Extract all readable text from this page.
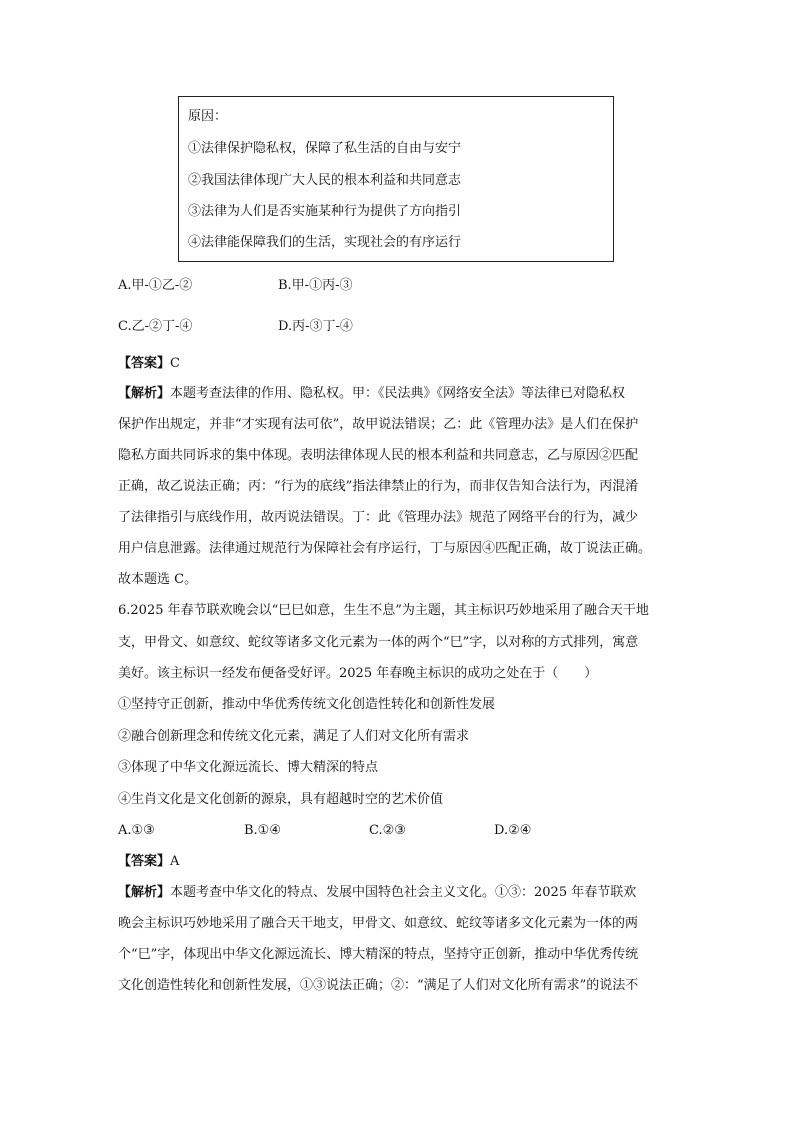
原因：
①法律保护隐私权，保障了私生活的自由与安宁
②我国法律体现广大人民的根本利益和共同意志
③法律为人们是否实施某种行为提供了方向指引
④法律能保障我们的生活，实现社会的有序运行
A.甲-①乙-②	B.甲-①丙-③
C.乙-②丁-④	D.丙-③丁-④
【答案】C
【解析】本题考查法律的作用、隐私权。甲：《民法典》《网络安全法》等法律已对隐私权
保护作出规定，并非“才实现有法可依”，故甲说法错误；乙：此《管理办法》是人们在保护
隐私方面共同诉求的集中体现。表明法律体现人民的根本利益和共同意志，乙与原因②匹配
正确，故乙说法正确；丙：“行为的底线”指法律禁止的行为，而非仅告知合法行为，丙混淆
了法律指引与底线作用，故丙说法错误。丁：此《管理办法》规范了网络平台的行为，减少
用户信息泄露。法律通过规范行为保障社会有序运行，丁与原因④匹配正确，故丁说法正确。
故本题选 C。
6.2025 年春节联欢晚会以“巳巳如意，生生不息”为主题，其主标识巧妙地采用了融合天干地
支，甲骨文、如意纹、蛇纹等诸多文化元素为一体的两个“巳”字，以对称的方式排列，寓意
美好。该主标识一经发布便备受好评。2025 年春晚主标识的成功之处在于（　　）
①坚持守正创新，推动中华优秀传统文化创造性转化和创新性发展
②融合创新理念和传统文化元素，满足了人们对文化所有需求
③体现了中华文化源远流长、博大精深的特点
④生肖文化是文化创新的源泉，具有超越时空的艺术价值
A.①③	B.①④	C.②③	D.②④
【答案】A
【解析】本题考查中华文化的特点、发展中国特色社会主义文化。①③：2025 年春节联欢
晚会主标识巧妙地采用了融合天干地支，甲骨文、如意纹、蛇纹等诸多文化元素为一体的两
个“巳”字，体现出中华文化源远流长、博大精深的特点，坚持守正创新，推动中华优秀传统
文化创造性转化和创新性发展，①③说法正确；②：“满足了人们对文化所有需求”的说法不
